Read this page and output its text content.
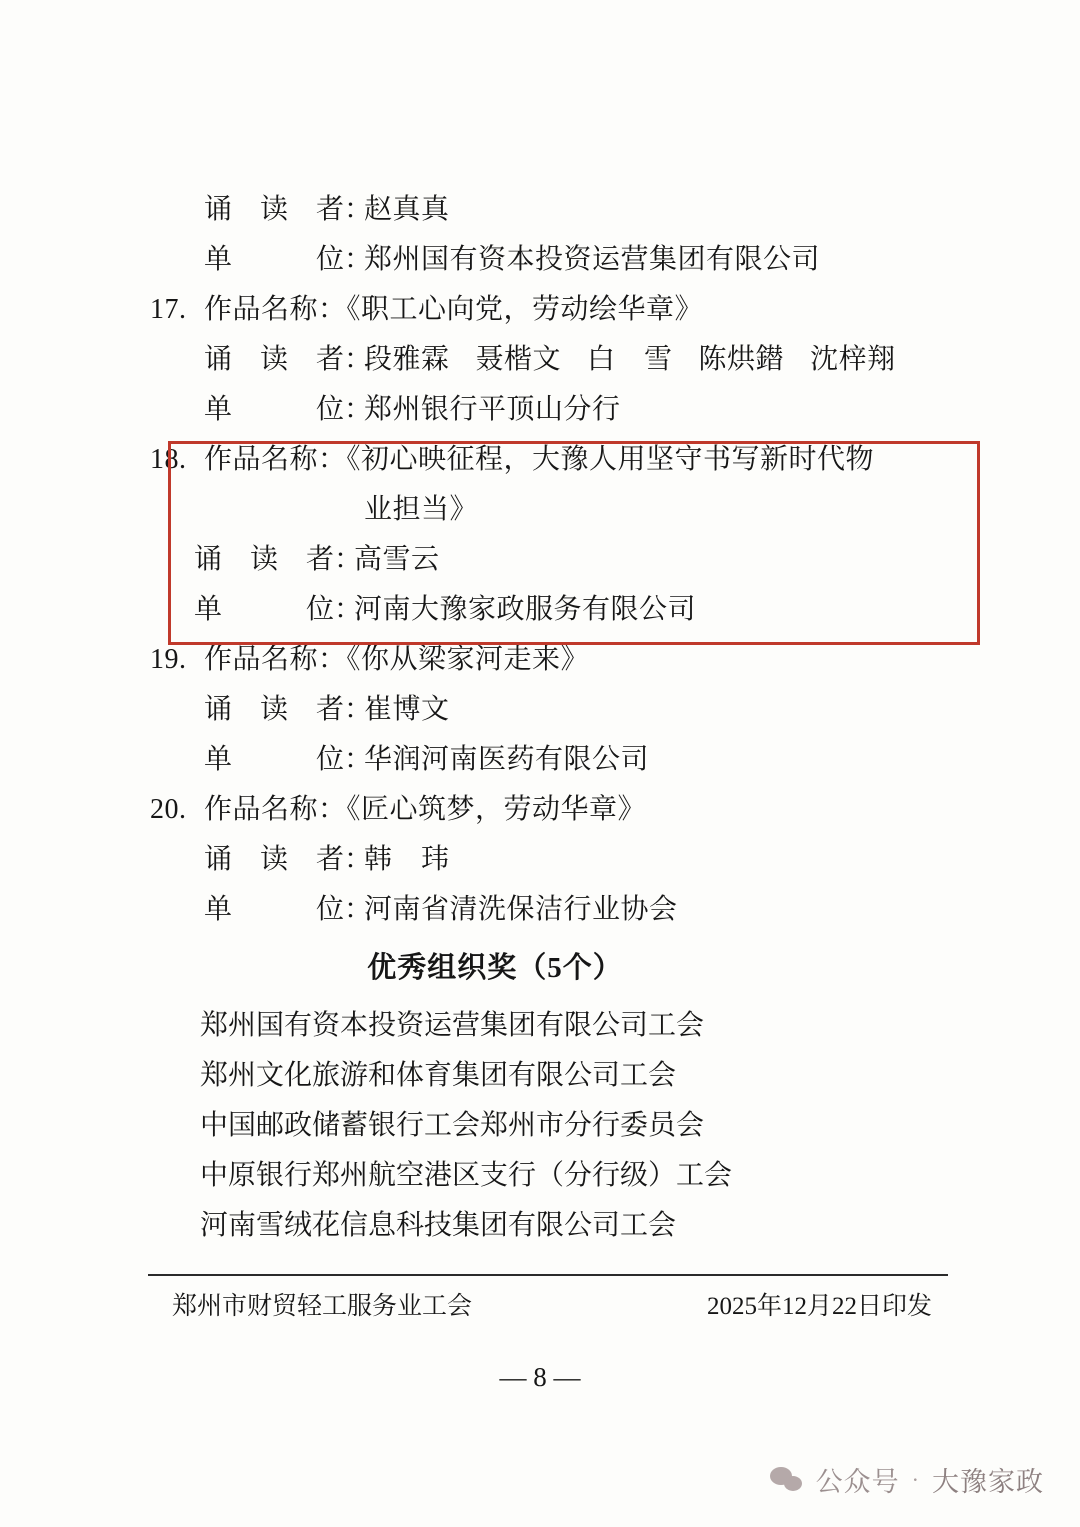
诵　读　者：赵真真
单　　　位：郑州国有资本投资运营集团有限公司
17. 作品名称：《职工心向党，劳动绘华章》
诵　读　者：段雅霖 聂楷文 白　雪 陈烘鐟 沈梓翔
单　　　位：郑州银行平顶山分行
18. 作品名称：《初心映征程，大豫人用坚守书写新时代物
业担当》
诵　读　者：高雪云
单　　　位：河南大豫家政服务有限公司
19. 作品名称：《你从梁家河走来》
诵　读　者：崔博文
单　　　位：华润河南医药有限公司
20. 作品名称：《匠心筑梦，劳动华章》
诵　读　者：韩　玮
单　　　位：河南省清洗保洁行业协会
优秀组织奖（5个）
郑州国有资本投资运营集团有限公司工会
郑州文化旅游和体育集团有限公司工会
中国邮政储蓄银行工会郑州市分行委员会
中原银行郑州航空港区支行（分行级）工会
河南雪绒花信息科技集团有限公司工会
郑州市财贸轻工服务业工会	2025年12月22日印发
— 8 —
公众号 · 大豫家政
